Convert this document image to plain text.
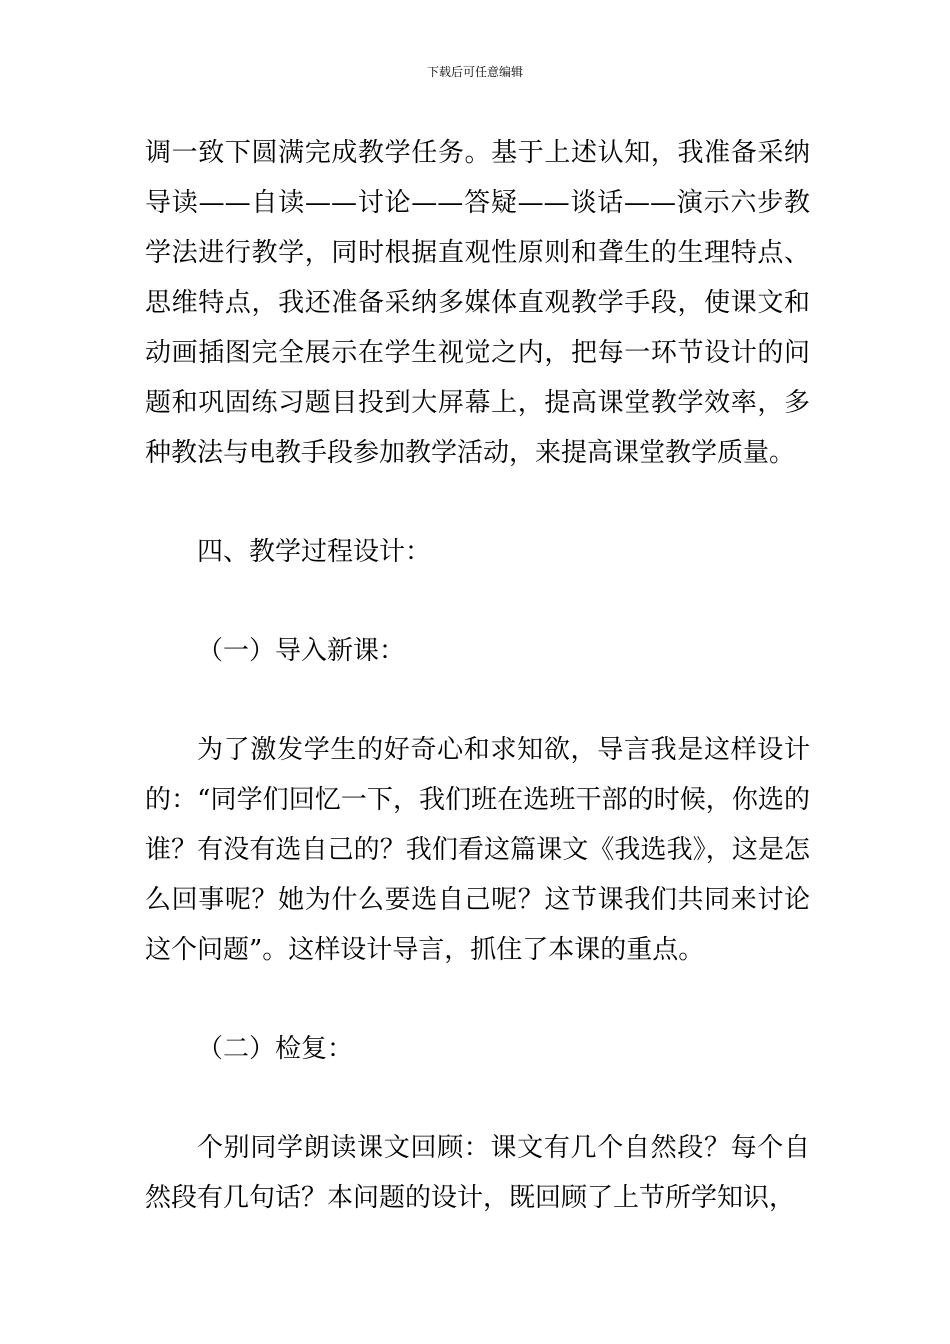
下载后可任意编辑

调一致下圆满完成教学任务。基于上述认知，我准备采纳导读——自读——讨论——答疑——谈话——演示六步教学法进行教学，同时根据直观性原则和聋生的生理特点、思维特点，我还准备采纳多媒体直观教学手段，使课文和动画插图完全展示在学生视觉之内，把每一环节设计的问题和巩固练习题目投到大屏幕上，提高课堂教学效率，多种教法与电教手段参加教学活动，来提高课堂教学质量。

四、教学过程设计：

（一）导入新课：

为了激发学生的好奇心和求知欲，导言我是这样设计的：“同学们回忆一下，我们班在选班干部的时候，你选的谁？有没有选自己的？我们看这篇课文《我选我》，这是怎么回事呢？她为什么要选自己呢？这节课我们共同来讨论这个问题”。这样设计导言，抓住了本课的重点。

（二）检复：

个别同学朗读课文回顾：课文有几个自然段？每个自然段有几句话？本问题的设计，既回顾了上节所学知识，
